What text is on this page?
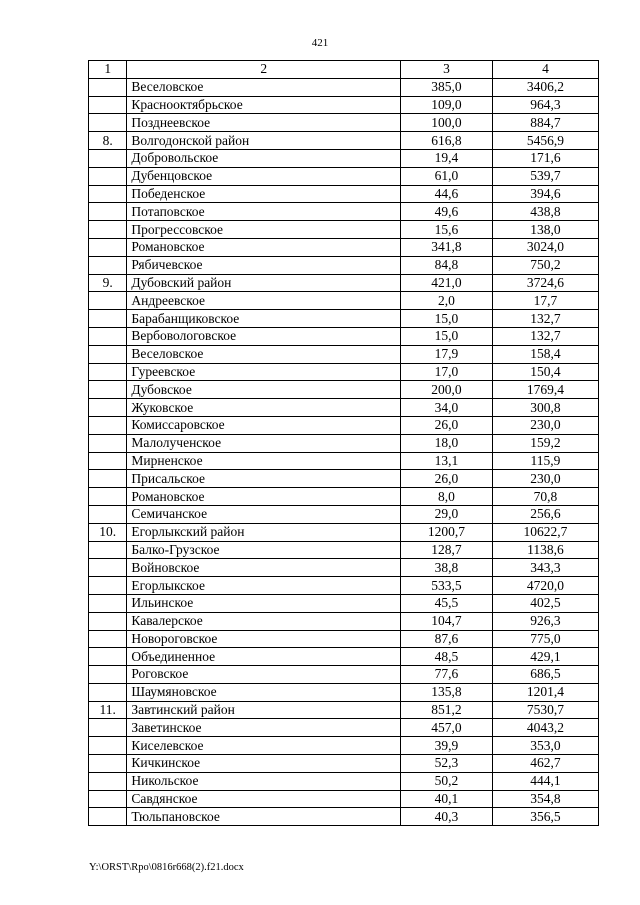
421
1	2	3	4
	Веселовское	385,0	3406,2
	Краснооктябрьское	109,0	964,3
	Позднеевское	100,0	884,7
8.	Волгодонской район	616,8	5456,9
	Добровольское	19,4	171,6
	Дубенцовское	61,0	539,7
	Победенское	44,6	394,6
	Потаповское	49,6	438,8
	Прогрессовское	15,6	138,0
	Романовское	341,8	3024,0
	Рябичевское	84,8	750,2
9.	Дубовский район	421,0	3724,6
	Андреевское	2,0	17,7
	Барабанщиковское	15,0	132,7
	Вербовологовское	15,0	132,7
	Веселовское	17,9	158,4
	Гуреевское	17,0	150,4
	Дубовское	200,0	1769,4
	Жуковское	34,0	300,8
	Комиссаровское	26,0	230,0
	Малолученское	18,0	159,2
	Мирненское	13,1	115,9
	Присальское	26,0	230,0
	Романовское	8,0	70,8
	Семичанское	29,0	256,6
10.	Егорлыкский район	1200,7	10622,7
	Балко-Грузское	128,7	1138,6
	Войновское	38,8	343,3
	Егорлыкское	533,5	4720,0
	Ильинское	45,5	402,5
	Кавалерское	104,7	926,3
	Новороговское	87,6	775,0
	Объединенное	48,5	429,1
	Роговское	77,6	686,5
	Шаумяновское	135,8	1201,4
11.	Завтинский район	851,2	7530,7
	Заветинское	457,0	4043,2
	Киселевское	39,9	353,0
	Кичкинское	52,3	462,7
	Никольское	50,2	444,1
	Савдянское	40,1	354,8
	Тюльпановское	40,3	356,5
Y:\ORST\Rpo\0816r668(2).f21.docx
